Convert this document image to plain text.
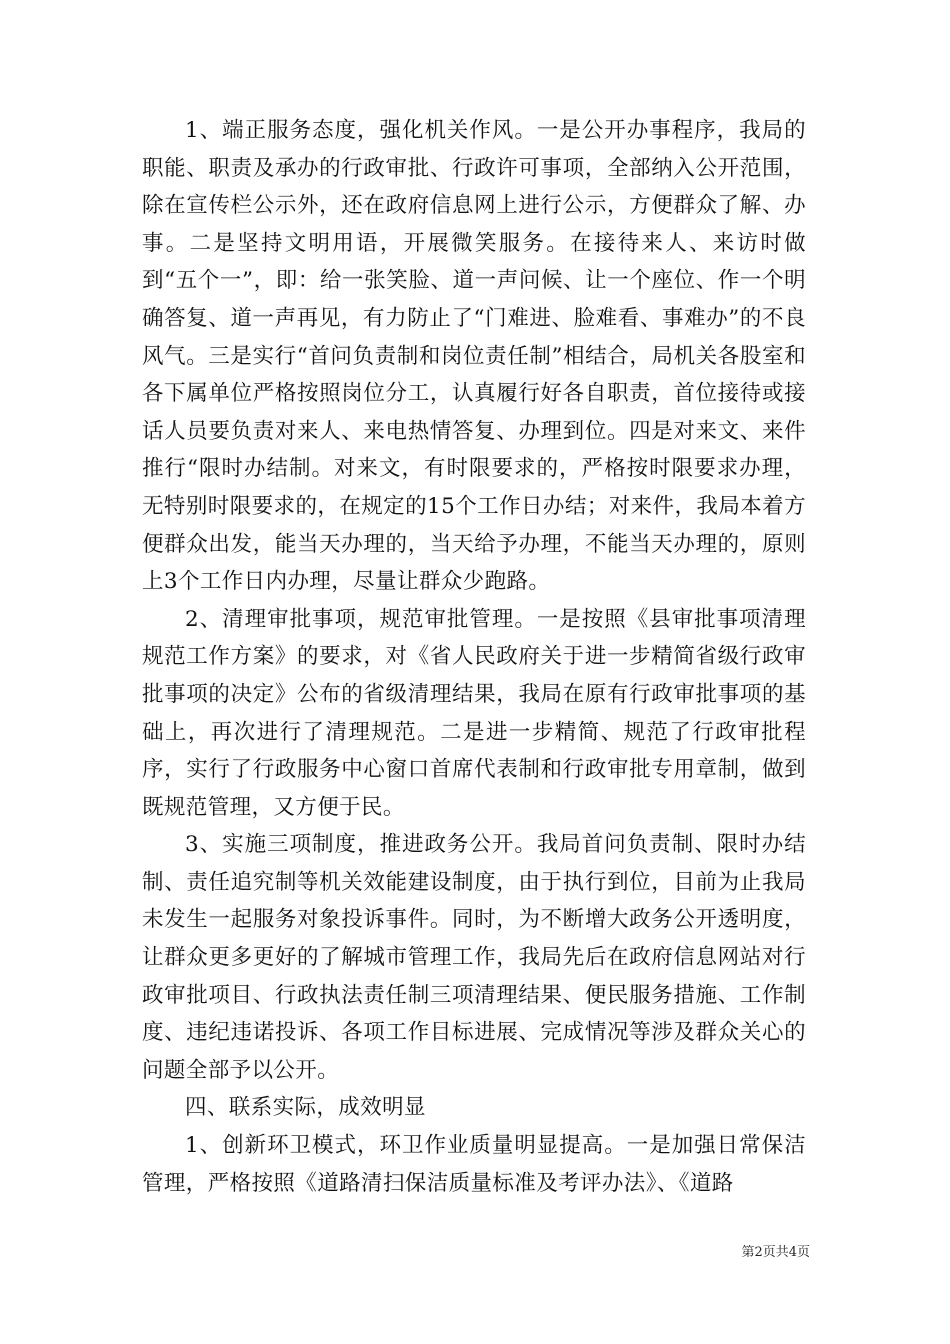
1、端正服务态度，强化机关作风。一是公开办事程序，我局的职能、职责及承办的行政审批、行政许可事项，全部纳入公开范围，除在宣传栏公示外，还在政府信息网上进行公示，方便群众了解、办事。二是坚持文明用语，开展微笑服务。在接待来人、来访时做到“五个一”，即：给一张笑脸、道一声问候、让一个座位、作一个明确答复、道一声再见，有力防止了“门难进、脸难看、事难办”的不良风气。三是实行“首问负责制和岗位责任制”相结合，局机关各股室和各下属单位严格按照岗位分工，认真履行好各自职责，首位接待或接话人员要负责对来人、来电热情答复、办理到位。四是对来文、来件推行“限时办结制。对来文，有时限要求的，严格按时限要求办理，无特别时限要求的，在规定的15个工作日办结；对来件，我局本着方便群众出发，能当天办理的，当天给予办理，不能当天办理的，原则上3个工作日内办理，尽量让群众少跑路。

2、清理审批事项，规范审批管理。一是按照《县审批事项清理规范工作方案》的要求，对《省人民政府关于进一步精简省级行政审批事项的决定》公布的省级清理结果，我局在原有行政审批事项的基础上，再次进行了清理规范。二是进一步精简、规范了行政审批程序，实行了行政服务中心窗口首席代表制和行政审批专用章制，做到既规范管理，又方便于民。

3、实施三项制度，推进政务公开。我局首问负责制、限时办结制、责任追究制等机关效能建设制度，由于执行到位，目前为止我局未发生一起服务对象投诉事件。同时，为不断增大政务公开透明度，让群众更多更好的了解城市管理工作，我局先后在政府信息网站对行政审批项目、行政执法责任制三项清理结果、便民服务措施、工作制度、违纪违诺投诉、各项工作目标进展、完成情况等涉及群众关心的问题全部予以公开。

四、联系实际，成效明显

1、创新环卫模式，环卫作业质量明显提高。一是加强日常保洁管理，严格按照《道路清扫保洁质量标准及考评办法》、《道路

第2页共4页
